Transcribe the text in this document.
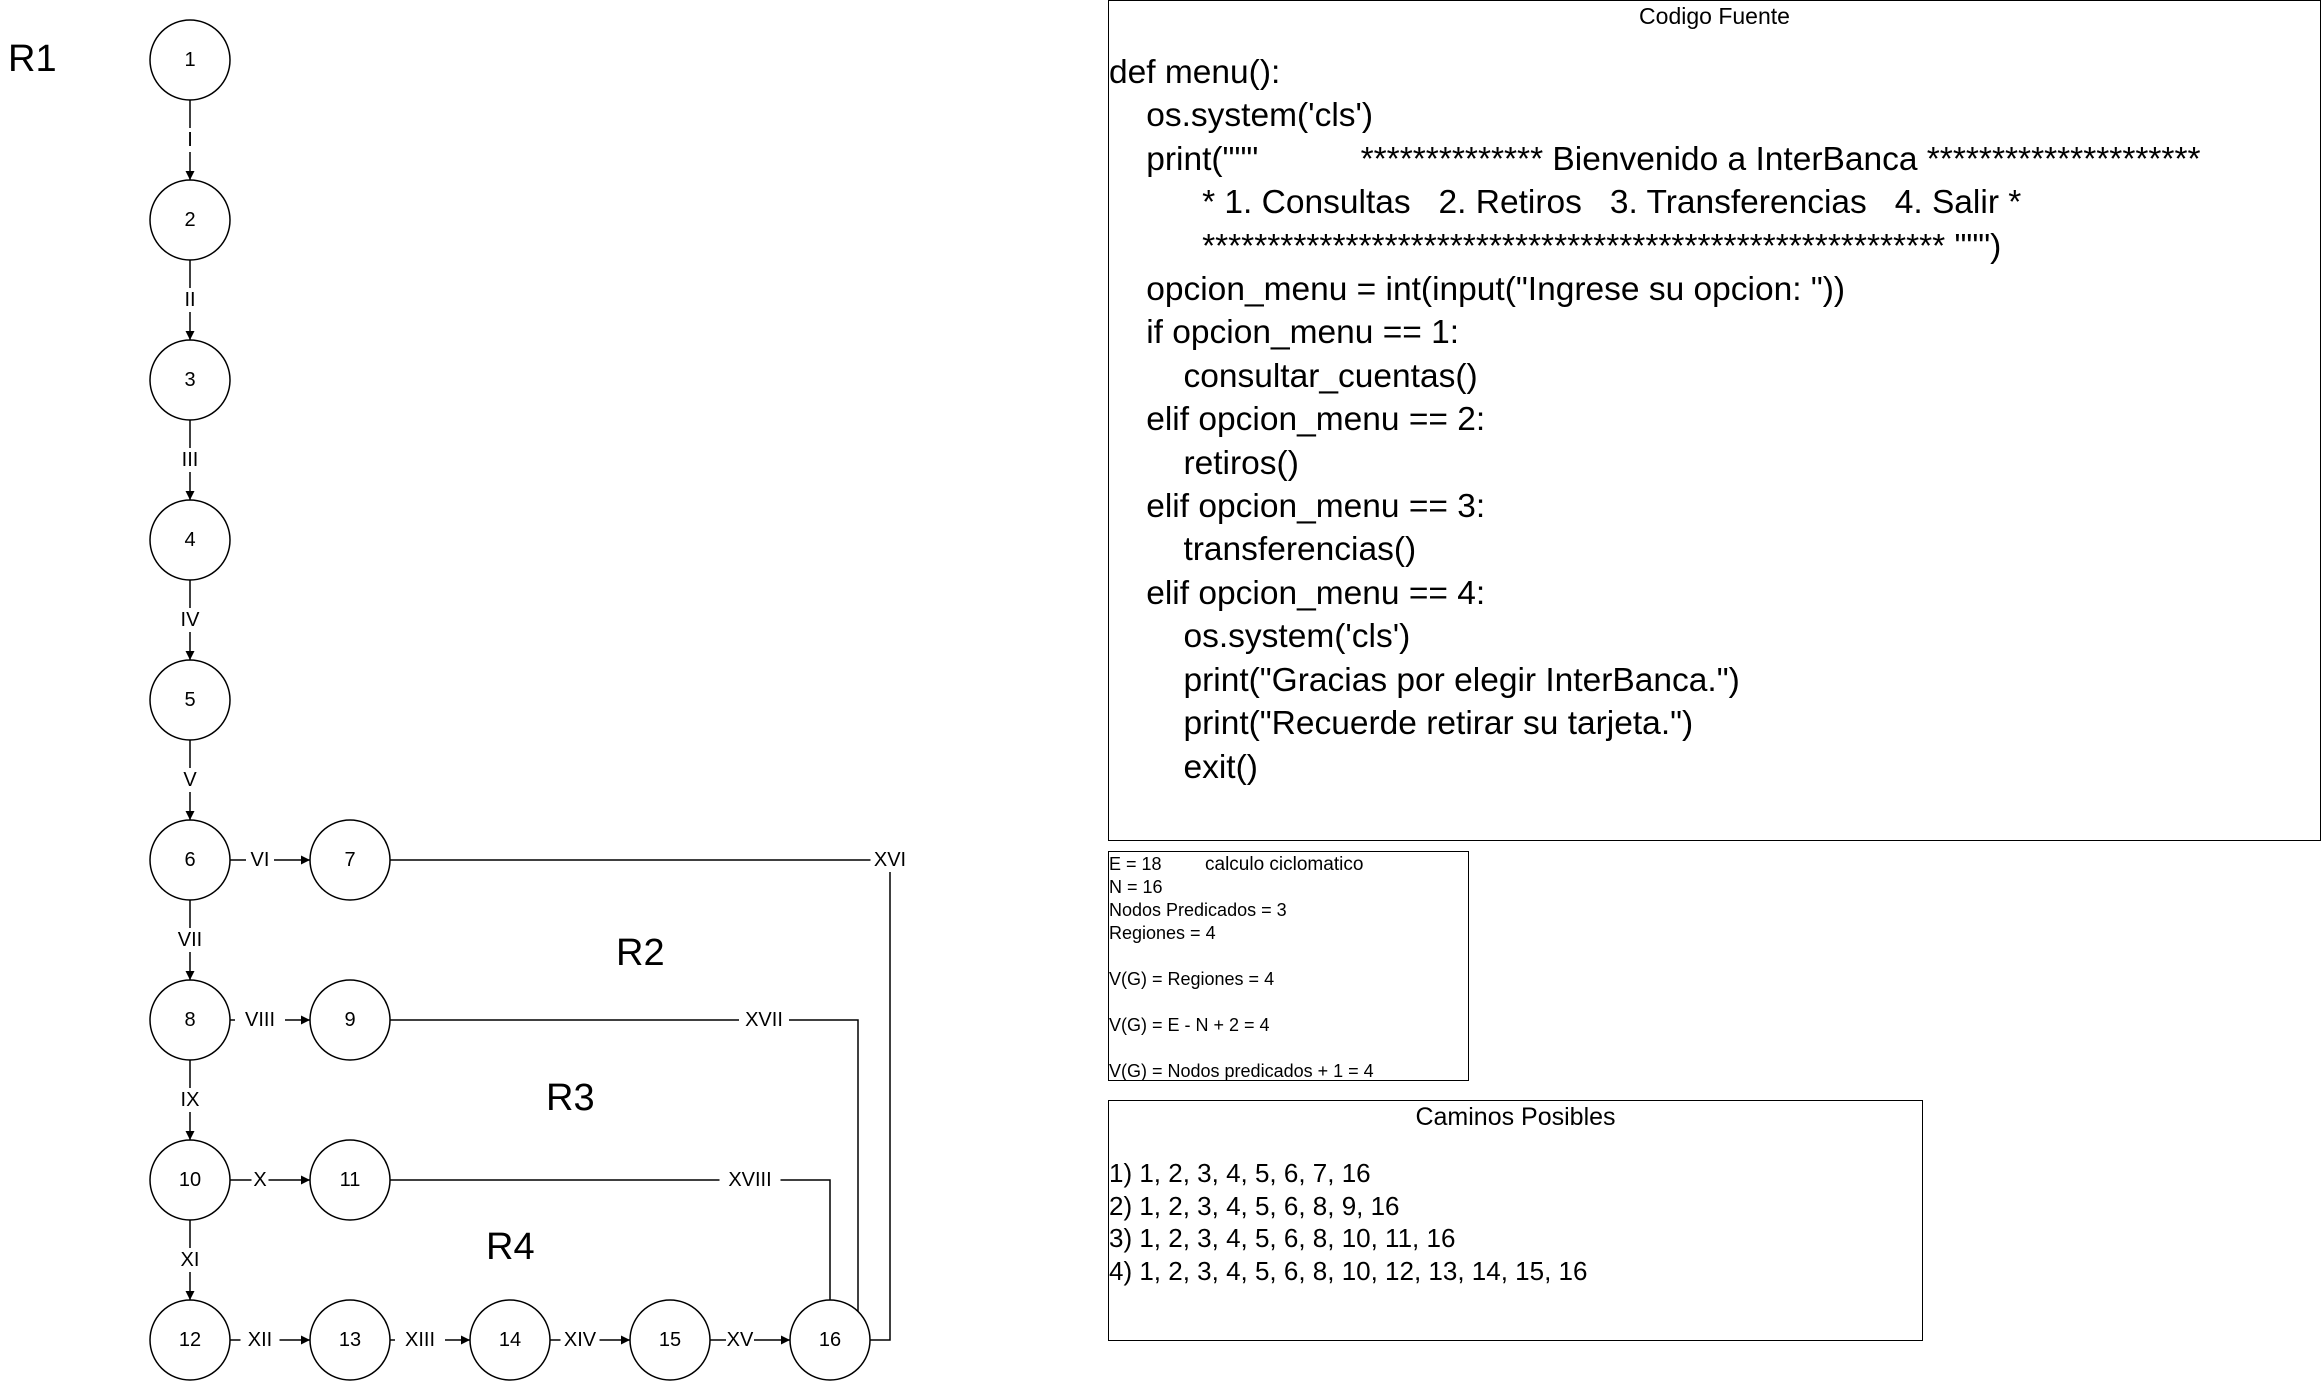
I
II
III
IV
V
VI
VII
VIII
IX
X
XI
XII	XIII	XIV	XV
XVI
XVII
XVIII
1
2
3
4
5
6	7
8	9
10	11
12	13	14	15	16
R1
R2
R3
R4
Codigo Fuente
def menu():
os.system('cls')
print("""           ************** Bienvenido a InterBanca *********************
* 1. Consultas   2. Retiros   3. Transferencias   4. Salir *
********************************************************* """)
opcion_menu = int(input("Ingrese su opcion: "))
if opcion_menu == 1:
consultar_cuentas()
elif opcion_menu == 2:
retiros()
elif opcion_menu == 3:
transferencias()
elif opcion_menu == 4:
os.system('cls')
print("Gracias por elegir InterBanca.")
print("Recuerde retirar su tarjeta.")
exit()
calculo ciclomatico
E = 18
N = 16
Nodos Predicados = 3
Regiones = 4
V(G) = Regiones = 4
V(G) = E - N + 2 = 4
V(G) = Nodos predicados + 1 = 4
Caminos Posibles
1) 1, 2, 3, 4, 5, 6, 7, 16
2) 1, 2, 3, 4, 5, 6, 8, 9, 16
3) 1, 2, 3, 4, 5, 6, 8, 10, 11, 16
4) 1, 2, 3, 4, 5, 6, 8, 10, 12, 13, 14, 15, 16
